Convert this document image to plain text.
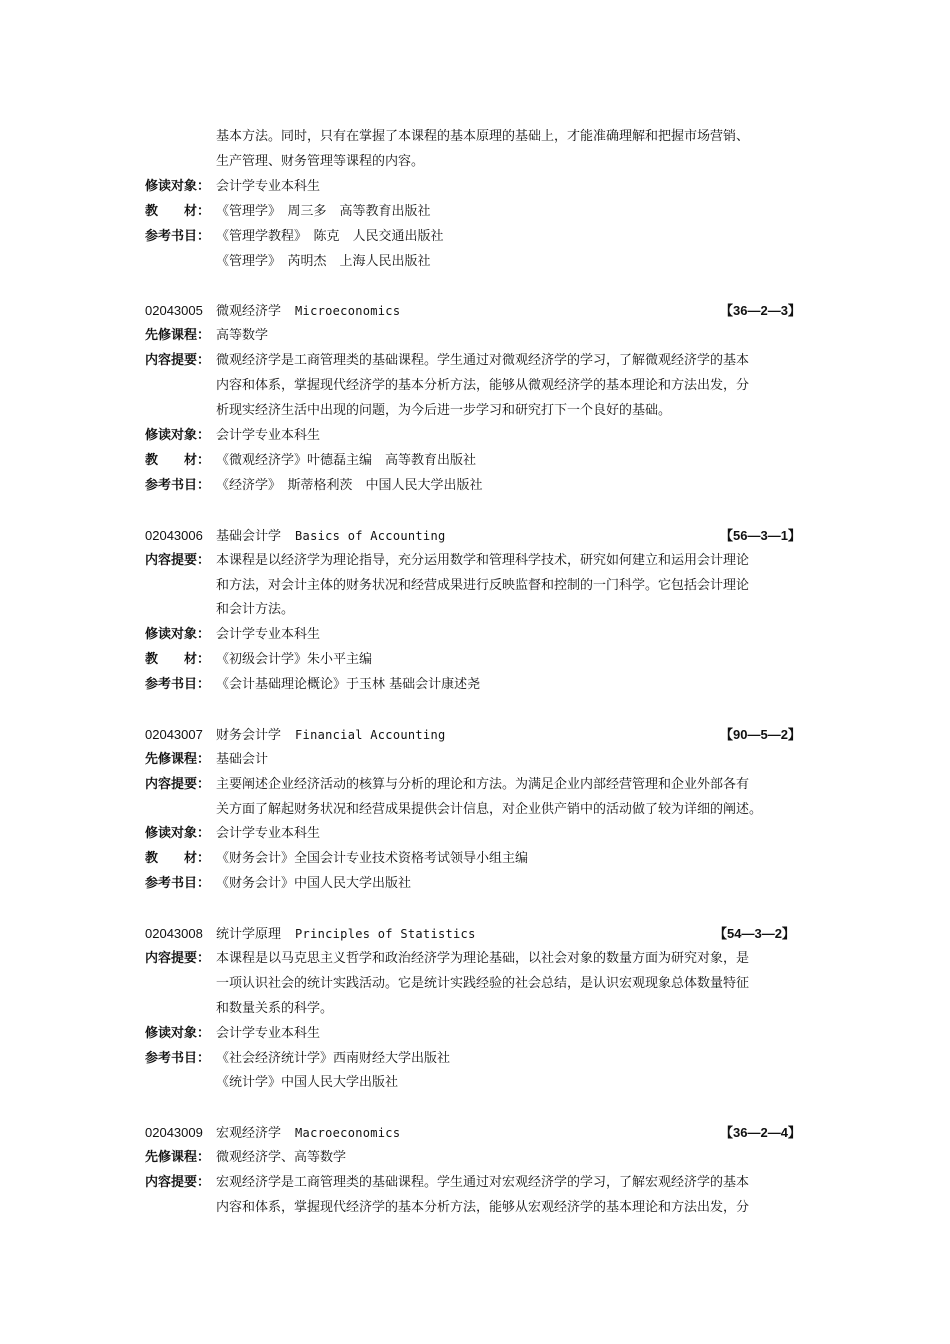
基本方法。同时，只有在掌握了本课程的基本原理的基础上，才能准确理解和把握市场营销、
生产管理、财务管理等课程的内容。
修读对象： 会计学专业本科生
教　　材： 《管理学》　周三多　高等教育出版社
参考书目： 《管理学教程》　陈克　人民交通出版社
《管理学》　芮明杰　上海人民出版社
02043005 微观经济学 Microeconomics	【36—2—3】
先修课程： 高等数学
内容提要： 微观经济学是工商管理类的基础课程。学生通过对微观经济学的学习，了解微观经济学的基本
内容和体系，掌握现代经济学的基本分析方法，能够从微观经济学的基本理论和方法出发，分
析现实经济生活中出现的问题，为今后进一步学习和研究打下一个良好的基础。
修读对象： 会计学专业本科生
教　　材： 《微观经济学》叶德磊主编　高等教育出版社
参考书目： 《经济学》　斯蒂格利茨　中国人民大学出版社
02043006 基础会计学 Basics of Accounting	【56—3—1】
内容提要： 本课程是以经济学为理论指导，充分运用数学和管理科学技术，研究如何建立和运用会计理论
和方法，对会计主体的财务状况和经营成果进行反映监督和控制的一门科学。它包括会计理论
和会计方法。
修读对象： 会计学专业本科生
教　　材： 《初级会计学》朱小平主编
参考书目： 《会计基础理论概论》于玉林 基础会计康述尧
02043007 财务会计学 Financial Accounting	【90—5—2】
先修课程： 基础会计
内容提要： 主要阐述企业经济活动的核算与分析的理论和方法。为满足企业内部经营管理和企业外部各有
关方面了解起财务状况和经营成果提供会计信息，对企业供产销中的活动做了较为详细的阐述。
修读对象： 会计学专业本科生
教　　材： 《财务会计》全国会计专业技术资格考试领导小组主编
参考书目： 《财务会计》中国人民大学出版社
02043008 统计学原理 Principles of Statistics	【54—3—2】
内容提要： 本课程是以马克思主义哲学和政治经济学为理论基础，以社会对象的数量方面为研究对象，是
一项认识社会的统计实践活动。它是统计实践经验的社会总结，是认识宏观现象总体数量特征
和数量关系的科学。
修读对象： 会计学专业本科生
参考书目： 《社会经济统计学》西南财经大学出版社
《统计学》中国人民大学出版社
02043009 宏观经济学 Macroeconomics	【36—2—4】
先修课程： 微观经济学、高等数学
内容提要： 宏观经济学是工商管理类的基础课程。学生通过对宏观经济学的学习，了解宏观经济学的基本
内容和体系，掌握现代经济学的基本分析方法，能够从宏观经济学的基本理论和方法出发，分
